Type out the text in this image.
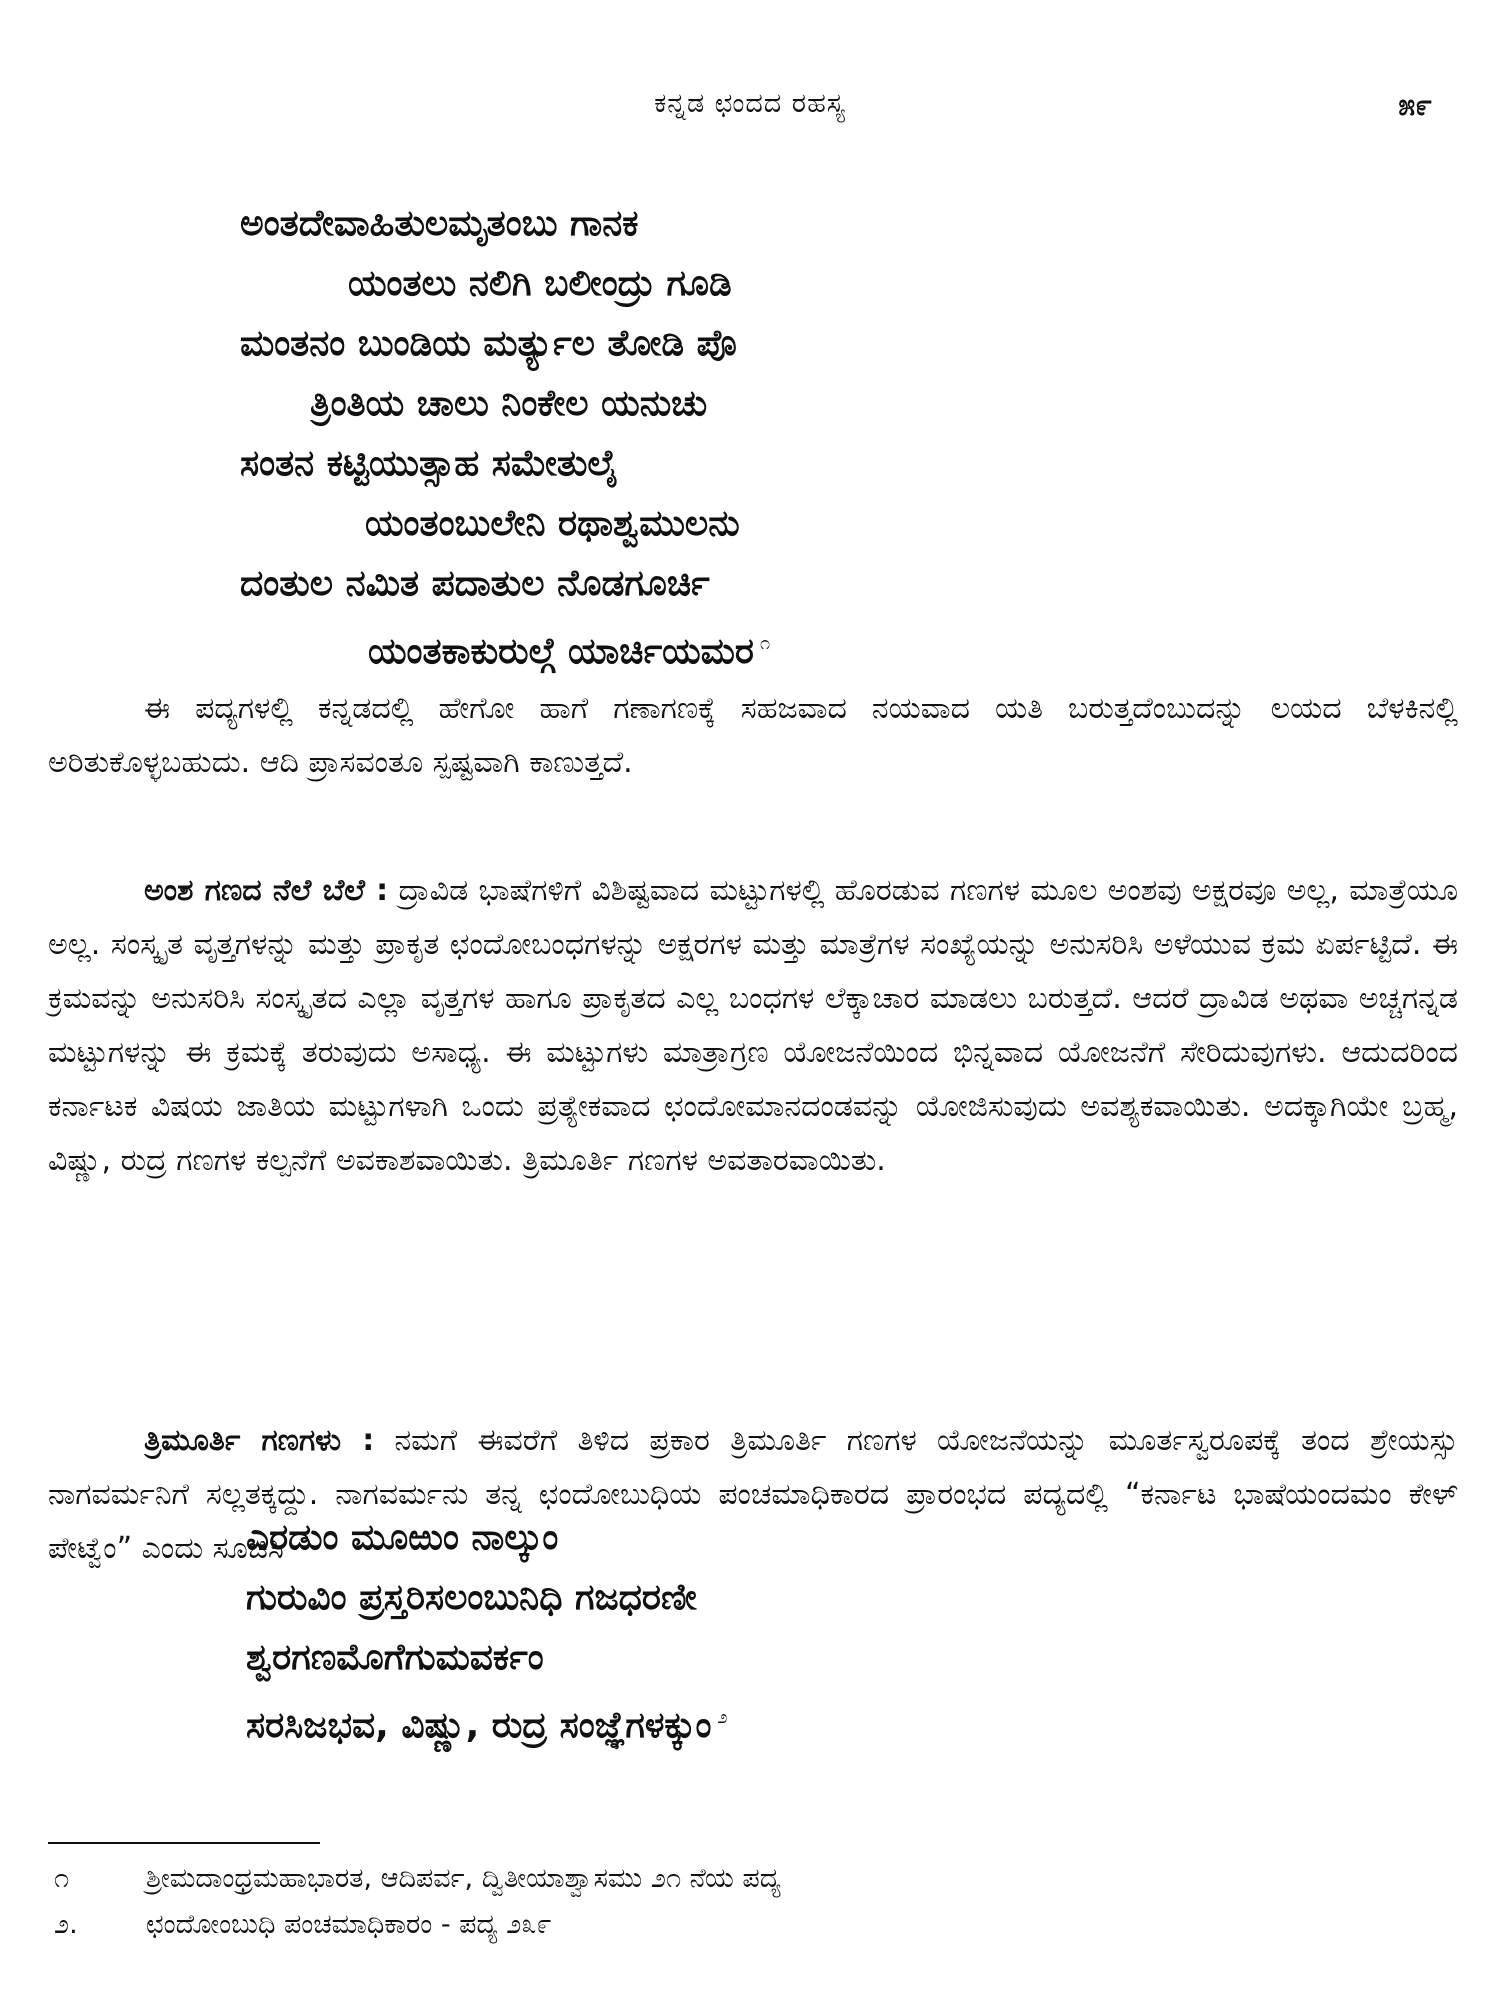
ಕನ್ನಡ ಛಂದದ ರಹಸ್ಯ	೫೯
ಅಂತದೇವಾಹಿತುಲಮೃತಂಬು ಗಾನಕ
ಯಂತಲು ನಲಿಗಿ ಬಲೀಂದ್ರು ಗೂಡಿ
ಮಂತನಂ ಬುಂಡಿಯ ಮರ್ತ್ಯುಲ ತೋಡಿ ಪೊ
ತ್ರಿಂತಿಯ ಚಾಲು ನಿಂಕೇಲ ಯನುಚು
ಸಂತನ ಕಟ್ಟಿಯುತ್ಸಾಹ ಸಮೇತುಲೈ
ಯಂತಂಬುಲೇನಿ ರಥಾಶ್ವಮುಲನು
ದಂತುಲ ನಮಿತ ಪದಾತುಲ ನೊಡಗೂರ್ಚಿ
ಯಂತಕಾಕುರುಲ್ಗೆ ಯಾರ್ಚಿಯಮರ $^೧$

ಈ ಪದ್ಯಗಳಲ್ಲಿ ಕನ್ನಡದಲ್ಲಿ ಹೇಗೋ ಹಾಗೆ ಗಣಾಗಣಕ್ಕೆ ಸಹಜವಾದ ನಯವಾದ ಯತಿ ಬರುತ್ತದೆಂಬುದನ್ನು ಲಯದ ಬೆಳಕಿನಲ್ಲಿ ಅರಿತುಕೊಳ್ಳಬಹುದು. ಆದಿ ಪ್ರಾಸವಂತೂ ಸ್ಪಷ್ಟವಾಗಿ ಕಾಣುತ್ತದೆ.

ಅಂಶ ಗಣದ ನೆಲೆ ಬೆಲೆ : ದ್ರಾವಿಡ ಭಾಷೆಗಳಿಗೆ ವಿಶಿಷ್ಟವಾದ ಮಟ್ಟುಗಳಲ್ಲಿ ಹೊರಡುವ ಗಣಗಳ ಮೂಲ ಅಂಶವು ಅಕ್ಷರವೂ ಅಲ್ಲ, ಮಾತ್ರೆಯೂ ಅಲ್ಲ. ಸಂಸ್ಕೃತ ವೃತ್ತಗಳನ್ನು ಮತ್ತು ಪ್ರಾಕೃತ ಛಂದೋಬಂಧಗಳನ್ನು ಅಕ್ಷರಗಳ ಮತ್ತು ಮಾತ್ರೆಗಳ ಸಂಖ್ಯೆಯನ್ನು ಅನುಸರಿಸಿ ಅಳೆಯುವ ಕ್ರಮ ಏರ್ಪಟ್ಟಿದೆ. ಈ ಕ್ರಮವನ್ನು ಅನುಸರಿಸಿ ಸಂಸ್ಕೃತದ ಎಲ್ಲಾ ವೃತ್ತಗಳ ಹಾಗೂ ಪ್ರಾಕೃತದ ಎಲ್ಲ ಬಂಧಗಳ ಲೆಕ್ಕಾಚಾರ ಮಾಡಲು ಬರುತ್ತದೆ. ಆದರೆ ದ್ರಾವಿಡ ಅಥವಾ ಅಚ್ಚಗನ್ನಡ ಮಟ್ಟುಗಳನ್ನು ಈ ಕ್ರಮಕ್ಕೆ ತರುವುದು ಅಸಾಧ್ಯ. ಈ ಮಟ್ಟುಗಳು ಮಾತ್ರಾಗ್ರಣ ಯೋಜನೆಯಿಂದ ಭಿನ್ನವಾದ ಯೋಜನೆಗೆ ಸೇರಿದುವುಗಳು. ಆದುದರಿಂದ ಕರ್ನಾಟಕ ವಿಷಯ ಜಾತಿಯ ಮಟ್ಟುಗಳಾಗಿ ಒಂದು ಪ್ರತ್ಯೇಕವಾದ ಛಂದೋಮಾನದಂಡವನ್ನು ಯೋಜಿಸುವುದು ಅವಶ್ಯಕವಾಯಿತು. ಅದಕ್ಕಾಗಿಯೇ ಬ್ರಹ್ಮ, ವಿಷ್ಣು, ರುದ್ರ ಗಣಗಳ ಕಲ್ಪನೆಗೆ ಅವಕಾಶವಾಯಿತು. ತ್ರಿಮೂರ್ತಿ ಗಣಗಳ ಅವತಾರವಾಯಿತು.

ತ್ರಿಮೂರ್ತಿ ಗಣಗಳು : ನಮಗೆ ಈವರೆಗೆ ತಿಳಿದ ಪ್ರಕಾರ ತ್ರಿಮೂರ್ತಿ ಗಣಗಳ ಯೋಜನೆಯನ್ನು ಮೂರ್ತಸ್ವರೂಪಕ್ಕೆ ತಂದ ಶ್ರೇಯಸ್ಸು ನಾಗವರ್ಮನಿಗೆ ಸಲ್ಲತಕ್ಕದ್ದು. ನಾಗವರ್ಮನು ತನ್ನ ಛಂದೋಬುಧಿಯ ಪಂಚಮಾಧಿಕಾರದ ಪ್ರಾರಂಭದ ಪದ್ಯದಲ್ಲಿ “ಕರ್ನಾಟ ಭಾಷೆಯಂದಮಂ ಕೇಳ್ ಪೇಟ್ವೆಂ” ಎಂದು ಸೂಚಿಸಿ

ಎರಡುಂ ಮೂಱುಂ ನಾಲ್ಕುಂ
ಗುರುವಿಂ ಪ್ರಸ್ತರಿಸಲಂಬುನಿಧಿ ಗಜಧರಣೀ
ಶ್ವರಗಣಮೊಗೆಗುಮವರ್ಕಂ
ಸರಸಿಜಭವ, ವಿಷ್ಣು, ರುದ್ರ ಸಂಜ್ಞೆಗಳಕ್ಕುಂ $^೨$
೧	ಶ್ರೀಮದಾಂಧ್ರಮಹಾಭಾರತ, ಆದಿಪರ್ವ, ದ್ವಿತೀಯಾಶ್ವಾಸಮು ೨೧ ನೆಯ ಪದ್ಯ
೨.	ಛಂದೋಂಬುಧಿ ಪಂಚಮಾಧಿಕಾರಂ - ಪದ್ಯ ೨೩೯
